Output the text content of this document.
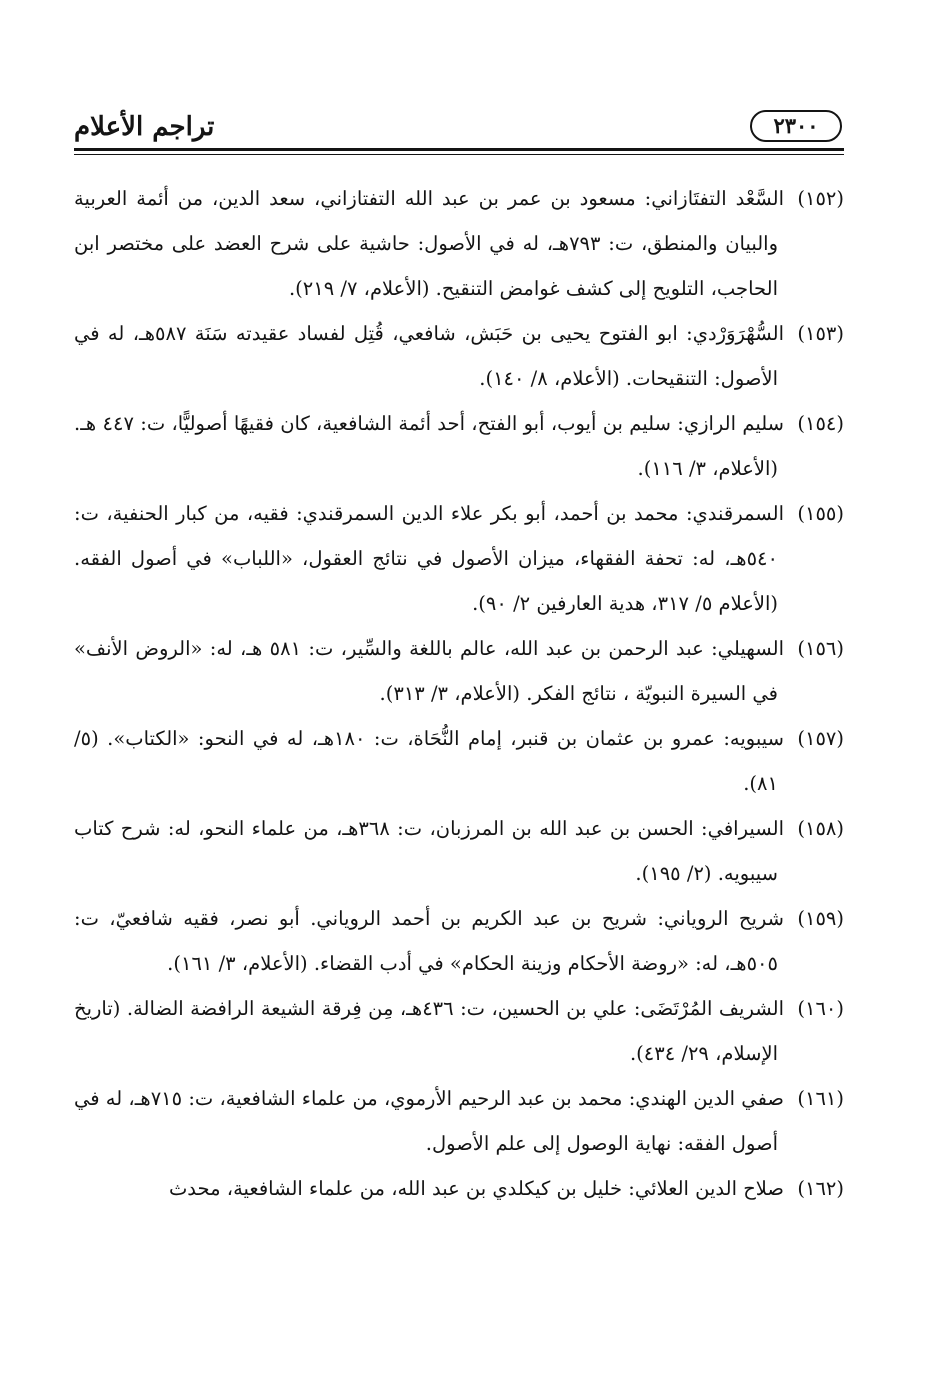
تراجم الأعلام	٢٣٠٠

(١٥٢)السَّعْد التفتَازاني: مسعود بن عمر بن عبد الله التفتازاني، سعد الدين، من أئمة العربية والبيان والمنطق، ت: ٧٩٣هـ، له في الأصول: حاشية على شرح العضد على مختصر ابن الحاجب، التلويح إلى كشف غوامض التنقيح. (الأعلام، ٧/ ٢١٩).

(١٥٣)السُّهْرَوَرْدي: ابو الفتوح يحيى بن حَبَش، شافعي، قُتِل لفساد عقيدته سَنَة ٥٨٧هـ، له في الأصول: التنقيحات. (الأعلام، ٨/ ١٤٠).

(١٥٤)سليم الرازي: سليم بن أيوب، أبو الفتح، أحد أئمة الشافعية، كان فقيهًا أصوليًّا، ت: ٤٤٧ هـ. (الأعلام، ٣/ ١١٦).

(١٥٥)السمرقندي: محمد بن أحمد، أبو بكر علاء الدين السمرقندي: فقيه، من كبار الحنفية، ت: ٥٤٠هـ، له: تحفة الفقهاء، ميزان الأصول في نتائج العقول، «اللباب» في أصول الفقه. (الأعلام ٥/ ٣١٧، هدية العارفين ٢/ ٩٠).

(١٥٦)السهيلي: عبد الرحمن بن عبد الله، عالم باللغة والسِّير، ت: ٥٨١ هـ، له: «الروض الأنف» في السيرة النبويّة ، نتائج الفكر. (الأعلام، ٣/ ٣١٣).

(١٥٧)سيبويه: عمرو بن عثمان بن قنبر، إمام النُّحَاة، ت: ١٨٠هـ، له في النحو: «الكتاب». (٥/ ٨١).

(١٥٨)السيرافي: الحسن بن عبد الله بن المرزبان، ت: ٣٦٨هـ، من علماء النحو، له: شرح كتاب سيبويه. (٢/ ١٩٥).

(١٥٩)شريح الروياني: شريح بن عبد الكريم بن أحمد الروياني. أبو نصر، فقيه شافعيّ، ت: ٥٠٥هـ، له: «روضة الأحكام وزينة الحكام» في أدب القضاء. (الأعلام، ٣/ ١٦١).

(١٦٠)الشريف المُرْتَضَى: علي بن الحسين، ت: ٤٣٦هـ، مِن فِرقة الشيعة الرافضة الضالة. (تاريخ الإسلام، ٢٩/ ٤٣٤).

(١٦١)صفي الدين الهندي: محمد بن عبد الرحيم الأرموي، من علماء الشافعية، ت: ٧١٥هـ، له في أصول الفقه: نهاية الوصول إلى علم الأصول.

(١٦٢)صلاح الدين العلائي: خليل بن كيكلدي بن عبد الله، من علماء الشافعية، محدث
